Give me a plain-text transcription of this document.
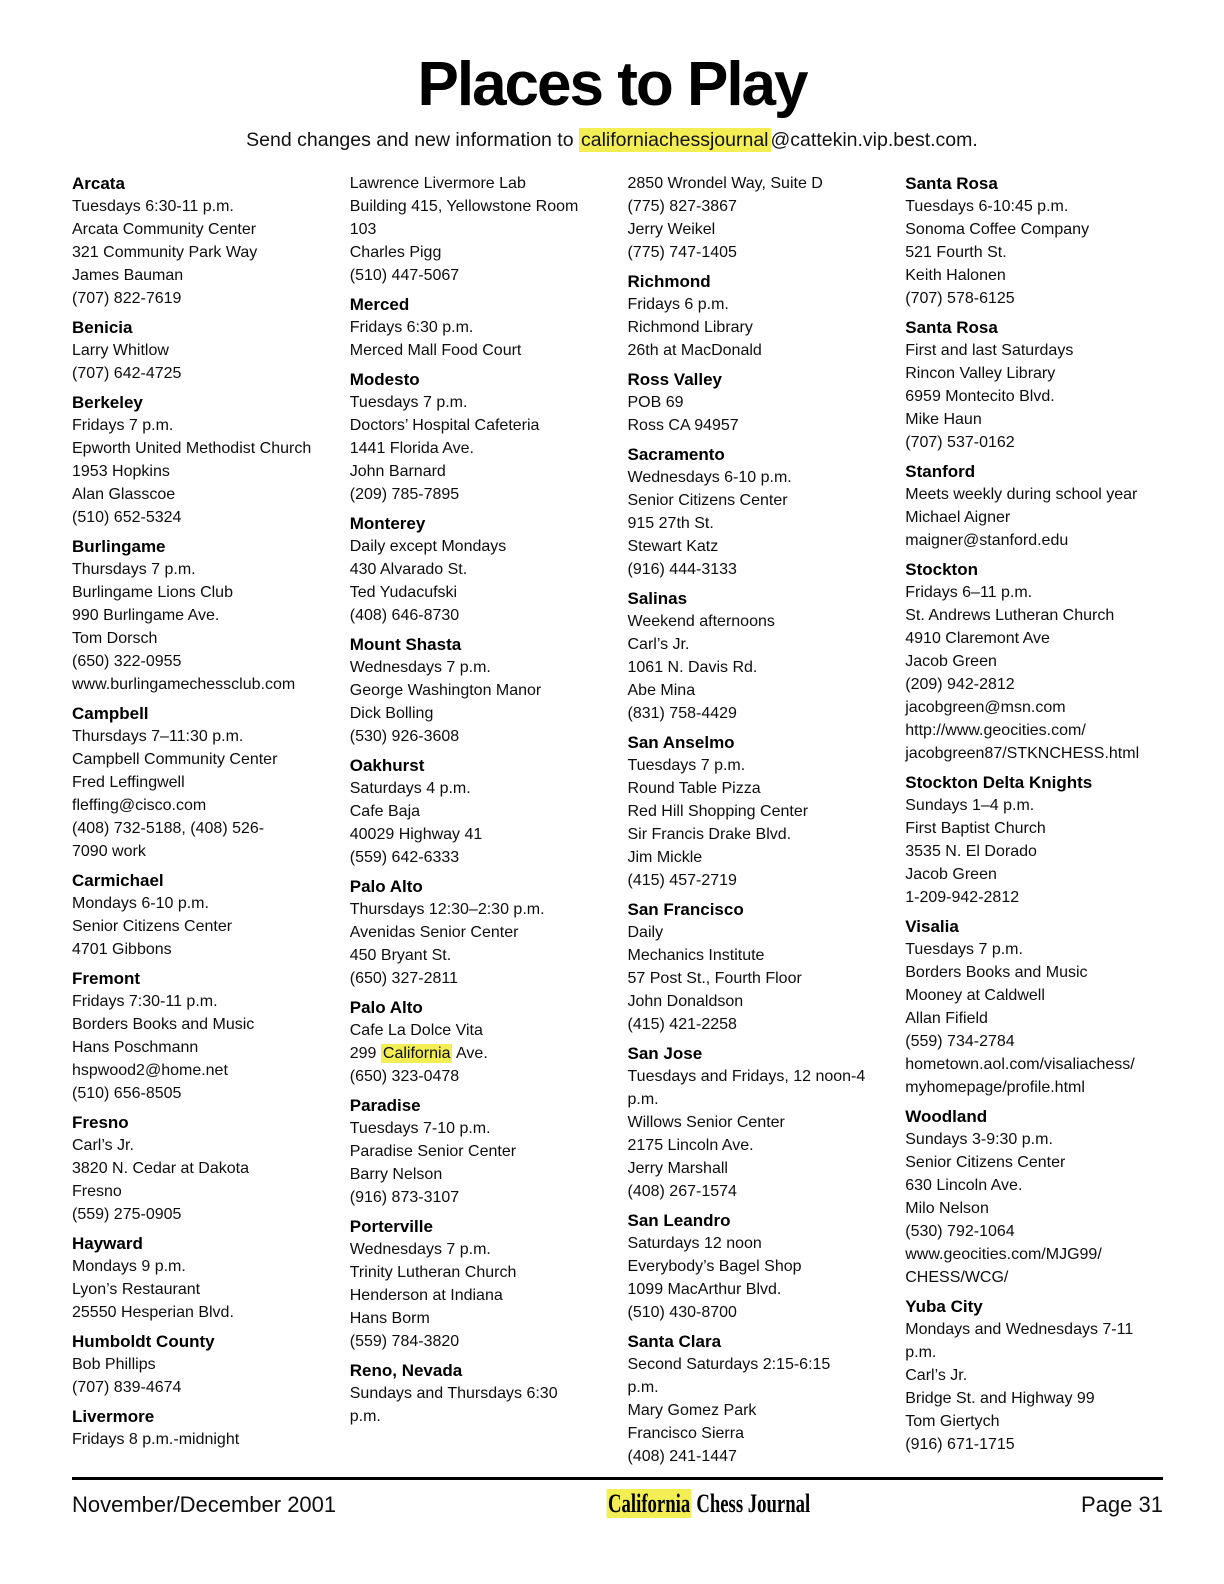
Places to Play
Send changes and new information to californiachessjournal @cattekin.vip.best.com.
Arcata
Tuesdays 6:30-11 p.m.
Arcata Community Center
321 Community Park Way
James Bauman
(707) 822-7619
Benicia
Larry Whitlow
(707) 642-4725
Berkeley
Fridays 7 p.m.
Epworth United Methodist Church
1953 Hopkins
Alan Glasscoe
(510) 652-5324
Burlingame
Thursdays 7 p.m.
Burlingame Lions Club
990 Burlingame Ave.
Tom Dorsch
(650) 322-0955
www.burlingamechessclub.com
Campbell
Thursdays 7–11:30 p.m.
Campbell Community Center
Fred Leffingwell
fleffing@cisco.com
(408) 732-5188, (408) 526-
7090 work
Carmichael
Mondays 6-10 p.m.
Senior Citizens Center
4701 Gibbons
Fremont
Fridays 7:30-11 p.m.
Borders Books and Music
Hans Poschmann
hspwood2@home.net
(510) 656-8505
Fresno
Carl’s Jr.
3820 N. Cedar at Dakota
Fresno
(559) 275-0905
Hayward
Mondays 9 p.m.
Lyon’s Restaurant
25550 Hesperian Blvd.
Humboldt County
Bob Phillips
(707) 839-4674
Livermore
Fridays 8 p.m.-midnight
Lawrence Livermore Lab
Building 415, Yellowstone Room
103
Charles Pigg
(510) 447-5067
Merced
Fridays 6:30 p.m.
Merced Mall Food Court
Modesto
Tuesdays 7 p.m.
Doctors’ Hospital Cafeteria
1441 Florida Ave.
John Barnard
(209) 785-7895
Monterey
Daily except Mondays
430 Alvarado St.
Ted Yudacufski
(408) 646-8730
Mount Shasta
Wednesdays 7 p.m.
George Washington Manor
Dick Bolling
(530) 926-3608
Oakhurst
Saturdays 4 p.m.
Cafe Baja
40029 Highway 41
(559) 642-6333
Palo Alto
Thursdays 12:30–2:30 p.m.
Avenidas Senior Center
450 Bryant St.
(650) 327-2811
Palo Alto
Cafe La Dolce Vita
299 California Ave.
(650) 323-0478
Paradise
Tuesdays 7-10 p.m.
Paradise Senior Center
Barry Nelson
(916) 873-3107
Porterville
Wednesdays 7 p.m.
Trinity Lutheran Church
Henderson at Indiana
Hans Borm
(559) 784-3820
Reno, Nevada
Sundays and Thursdays 6:30
p.m.
2850 Wrondel Way, Suite D
(775) 827-3867
Jerry Weikel
(775) 747-1405
Richmond
Fridays 6 p.m.
Richmond Library
26th at MacDonald
Ross Valley
POB 69
Ross CA 94957
Sacramento
Wednesdays 6-10 p.m.
Senior Citizens Center
915 27th St.
Stewart Katz
(916) 444-3133
Salinas
Weekend afternoons
Carl’s Jr.
1061 N. Davis Rd.
Abe Mina
(831) 758-4429
San Anselmo
Tuesdays 7 p.m.
Round Table Pizza
Red Hill Shopping Center
Sir Francis Drake Blvd.
Jim Mickle
(415) 457-2719
San Francisco
Daily
Mechanics Institute
57 Post St., Fourth Floor
John Donaldson
(415) 421-2258
San Jose
Tuesdays and Fridays, 12 noon-4
p.m.
Willows Senior Center
2175 Lincoln Ave.
Jerry Marshall
(408) 267-1574
San Leandro
Saturdays 12 noon
Everybody’s Bagel Shop
1099 MacArthur Blvd.
(510) 430-8700
Santa Clara
Second Saturdays 2:15-6:15
p.m.
Mary Gomez Park
Francisco Sierra
(408) 241-1447
Santa Rosa
Tuesdays 6-10:45 p.m.
Sonoma Coffee Company
521 Fourth St.
Keith Halonen
(707) 578-6125
Santa Rosa
First and last Saturdays
Rincon Valley Library
6959 Montecito Blvd.
Mike Haun
(707) 537-0162
Stanford
Meets weekly during school year
Michael Aigner
maigner@stanford.edu
Stockton
Fridays 6–11 p.m.
St. Andrews Lutheran Church
4910 Claremont Ave
Jacob Green
(209) 942-2812
jacobgreen@msn.com
http://www.geocities.com/
jacobgreen87/STKNCHESS.html
Stockton Delta Knights
Sundays 1–4 p.m.
First Baptist Church
3535 N. El Dorado
Jacob Green
1-209-942-2812
Visalia
Tuesdays 7 p.m.
Borders Books and Music
Mooney at Caldwell
Allan Fifield
(559) 734-2784
hometown.aol.com/visaliachess/
myhomepage/profile.html
Woodland
Sundays 3-9:30 p.m.
Senior Citizens Center
630 Lincoln Ave.
Milo Nelson
(530) 792-1064
www.geocities.com/MJG99/
CHESS/WCG/
Yuba City
Mondays and Wednesdays 7-11
p.m.
Carl’s Jr.
Bridge St. and Highway 99
Tom Giertych
(916) 671-1715
November/December 2001	California Chess Journal	Page 31
